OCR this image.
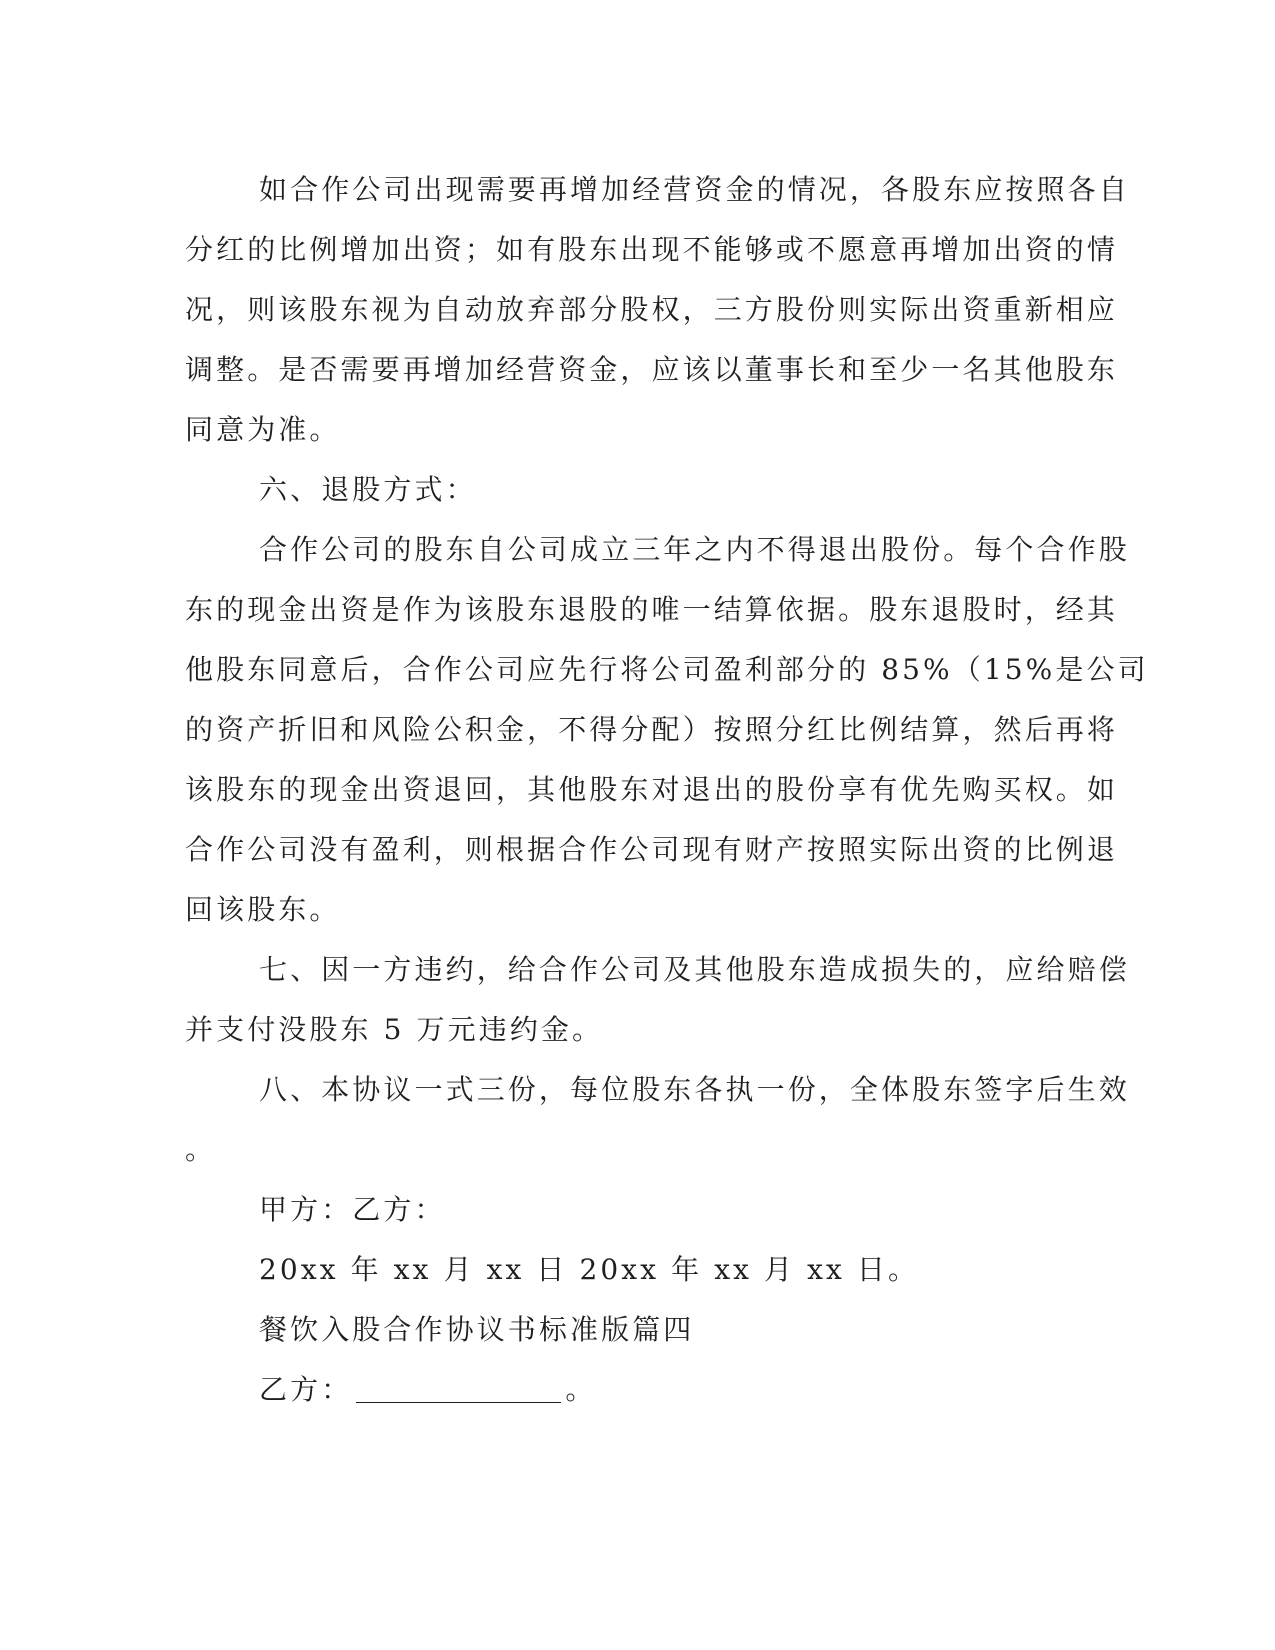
如合作公司出现需要再增加经营资金的情况，各股东应按照各自
分红的比例增加出资；如有股东出现不能够或不愿意再增加出资的情
况，则该股东视为自动放弃部分股权，三方股份则实际出资重新相应
调整。是否需要再增加经营资金，应该以董事长和至少一名其他股东
同意为准。
六、退股方式：
合作公司的股东自公司成立三年之内不得退出股份。每个合作股
东的现金出资是作为该股东退股的唯一结算依据。股东退股时，经其
他股东同意后，合作公司应先行将公司盈利部分的 85%（15%是公司
的资产折旧和风险公积金，不得分配）按照分红比例结算，然后再将
该股东的现金出资退回，其他股东对退出的股份享有优先购买权。如
合作公司没有盈利，则根据合作公司现有财产按照实际出资的比例退
回该股东。
七、因一方违约，给合作公司及其他股东造成损失的，应给赔偿
并支付没股东 5 万元违约金。
八、本协议一式三份，每位股东各执一份，全体股东签字后生效
。
甲方：乙方：
20xx 年 xx 月 xx 日 20xx 年 xx 月 xx 日。
餐饮入股合作协议书标准版篇四
乙方：	。
